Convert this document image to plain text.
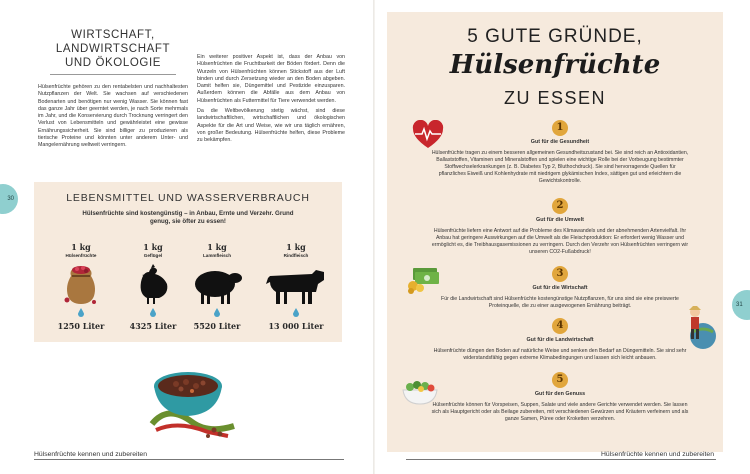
WIRTSCHAFT, LANDWIRTSCHAFT UND ÖKOLOGIE
Hülsenfrüchte gehören zu den rentabelsten und nachhaltesten Nutzpflanzen der Welt. Sie wachsen auf verschiedenen Bodenarten und benötigen nur wenig Wasser. Sie können fast das ganze Jahr über geerntet werden, je nach Sorte mehrmals im Jahr, und die Konservierung durch Trocknung verringert den Verlust von Lebensmitteln und gewährleistet eine gewisse Ernährungssicherheit. Sie sind billiger zu produzieren als tierische Proteine und könnten unter anderem Unter- und Mangelernährung weltweit verringern.

Ein weiterer positiver Aspekt ist, dass der Anbau von Hülsenfrüchten die Fruchtbarkeit der Böden fördert. Denn die Wurzeln von Hülsenfrüchten können Stickstoff aus der Luft binden und durch Zersetzung wieder an den Boden abgeben. Damit helfen sie, Düngemittel und Pestizide einzusparen. Außerdem können die Abfälle aus dem Anbau von Hülsenfrüchten als Futtermittel für Tiere verwendet werden.

Da die Weltbevölkerung stetig wächst, sind diese landwirtschaftlichen, wirtschaftlichen und ökologischen Aspekte für die Art und Weise, wie wir uns täglich ernähren, von großer Bedeutung. Hülsenfrüchte helfen, diese Probleme zu bekämpfen.

30	LEBENSMITTEL UND WASSERVERBRAUCH
Hülsenfrüchte sind kostengünstig – in Anbau, Ernte und Verzehr. Grund genug, sie öfter zu essen!
1 kg
Hülsenfrüchte
1250 Liter
1 kg
Geflügel
4325 Liter
1 kg
Lammfleisch
5520 Liter
1 kg
Rindfleisch
13 000 Liter
Hülsenfrüchte kennen und zubereiten
5 GUTE GRÜNDE,
Hülsenfrüchte
ZU ESSEN
1
Gut für die Gesundheit
Hülsenfrüchte tragen zu einem besseren allgemeinen Gesundheitszustand bei. Sie sind reich an Antioxidantien, Ballaststoffen, Vitaminen und Mineralstoffen und spielen eine wichtige Rolle bei der Vorbeugung bestimmter Stoffwechselerkrankungen (z. B. Diabetes Typ 2, Bluthochdruck). Sie sind hervorragende Quellen für pflanzliches Eiweiß und Kohlenhydrate mit niedrigem glykämischen Index, sättigen gut und erleichtern die Gewichtskontrolle.
2
Gut für die Umwelt
Hülsenfrüchte liefern eine Antwort auf die Probleme des Klimawandels und der abnehmenden Artenvielfalt. Ihr Anbau hat geringere Auswirkungen auf die Umwelt als die Fleischproduktion: Er erfordert wenig Wasser und ermöglicht es, die Treibhausgasemissionen zu verringern. Durch den Verzehr von Hülsenfrüchten verringern wir unseren CO2-Fußabdruck!
3
Gut für die Wirtschaft
Für die Landwirtschaft sind Hülsenfrüchte kostengünstige Nutzpflanzen, für uns sind sie eine preiswerte Proteinquelle, die zu einer ausgewogenen Ernährung beiträgt.
4
Gut für die Landwirtschaft
Hülsenfrüchte düngen den Boden auf natürliche Weise und senken den Bedarf an Düngemitteln. Sie sind sehr widerstandsfähig gegen extreme Klimabedingungen und lassen sich leicht anbauen.
5
Gut für den Genuss
Hülsenfrüchte können für Vorspeisen, Suppen, Salate und viele andere Gerichte verwendet werden. Sie lassen sich als Hauptgericht oder als Beilage zubereiten, mit verschiedenen Gewürzen und Kräutern verfeinern und als ganze Samen, Püree oder Kroketten verzehren.
31
Hülsenfrüchte kennen und zubereiten
